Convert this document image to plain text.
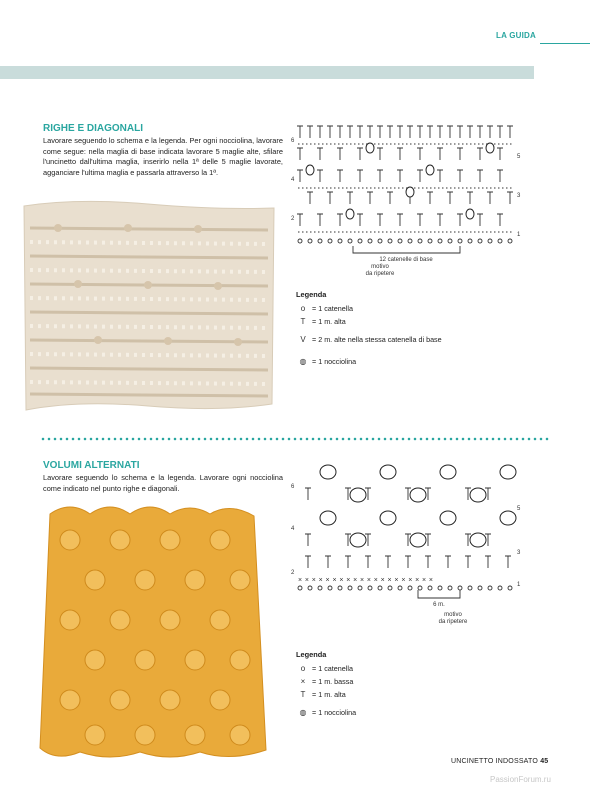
LA GUIDA
RIGHE E DIAGONALI
Lavorare seguendo lo schema e la legenda. Per ogni nocciolina, lavorare come segue: nella maglia di base indicata lavorare 5 maglie alte, sfilare l'uncinetto dall'ultima maglia, inserirlo nella 1ª delle 5 maglie lavorate, agganciare l'ultima maglia e passarla attraverso la 1ª.
6
4
2
5
3
1
12 catenelle di base
motivo
da ripetere
Legenda
o = 1 catenella
T = 1 m. alta
V = 2 m. alte nella stessa catenella di base
◍ = 1 nocciolina
VOLUMI ALTERNATI
Lavorare seguendo lo schema e la legenda. Lavorare ogni nocciolina come indicato nel punto righe e diagonali.
××××××××××××××××××××
6
4
2
5
3
1
6 m.
motivo
da ripetere
Legenda
o = 1 catenella
× = 1 m. bassa
T = 1 m. alta
◍ = 1 nocciolina
UNCINETTO INDOSSATO 45
PassionForum.ru
